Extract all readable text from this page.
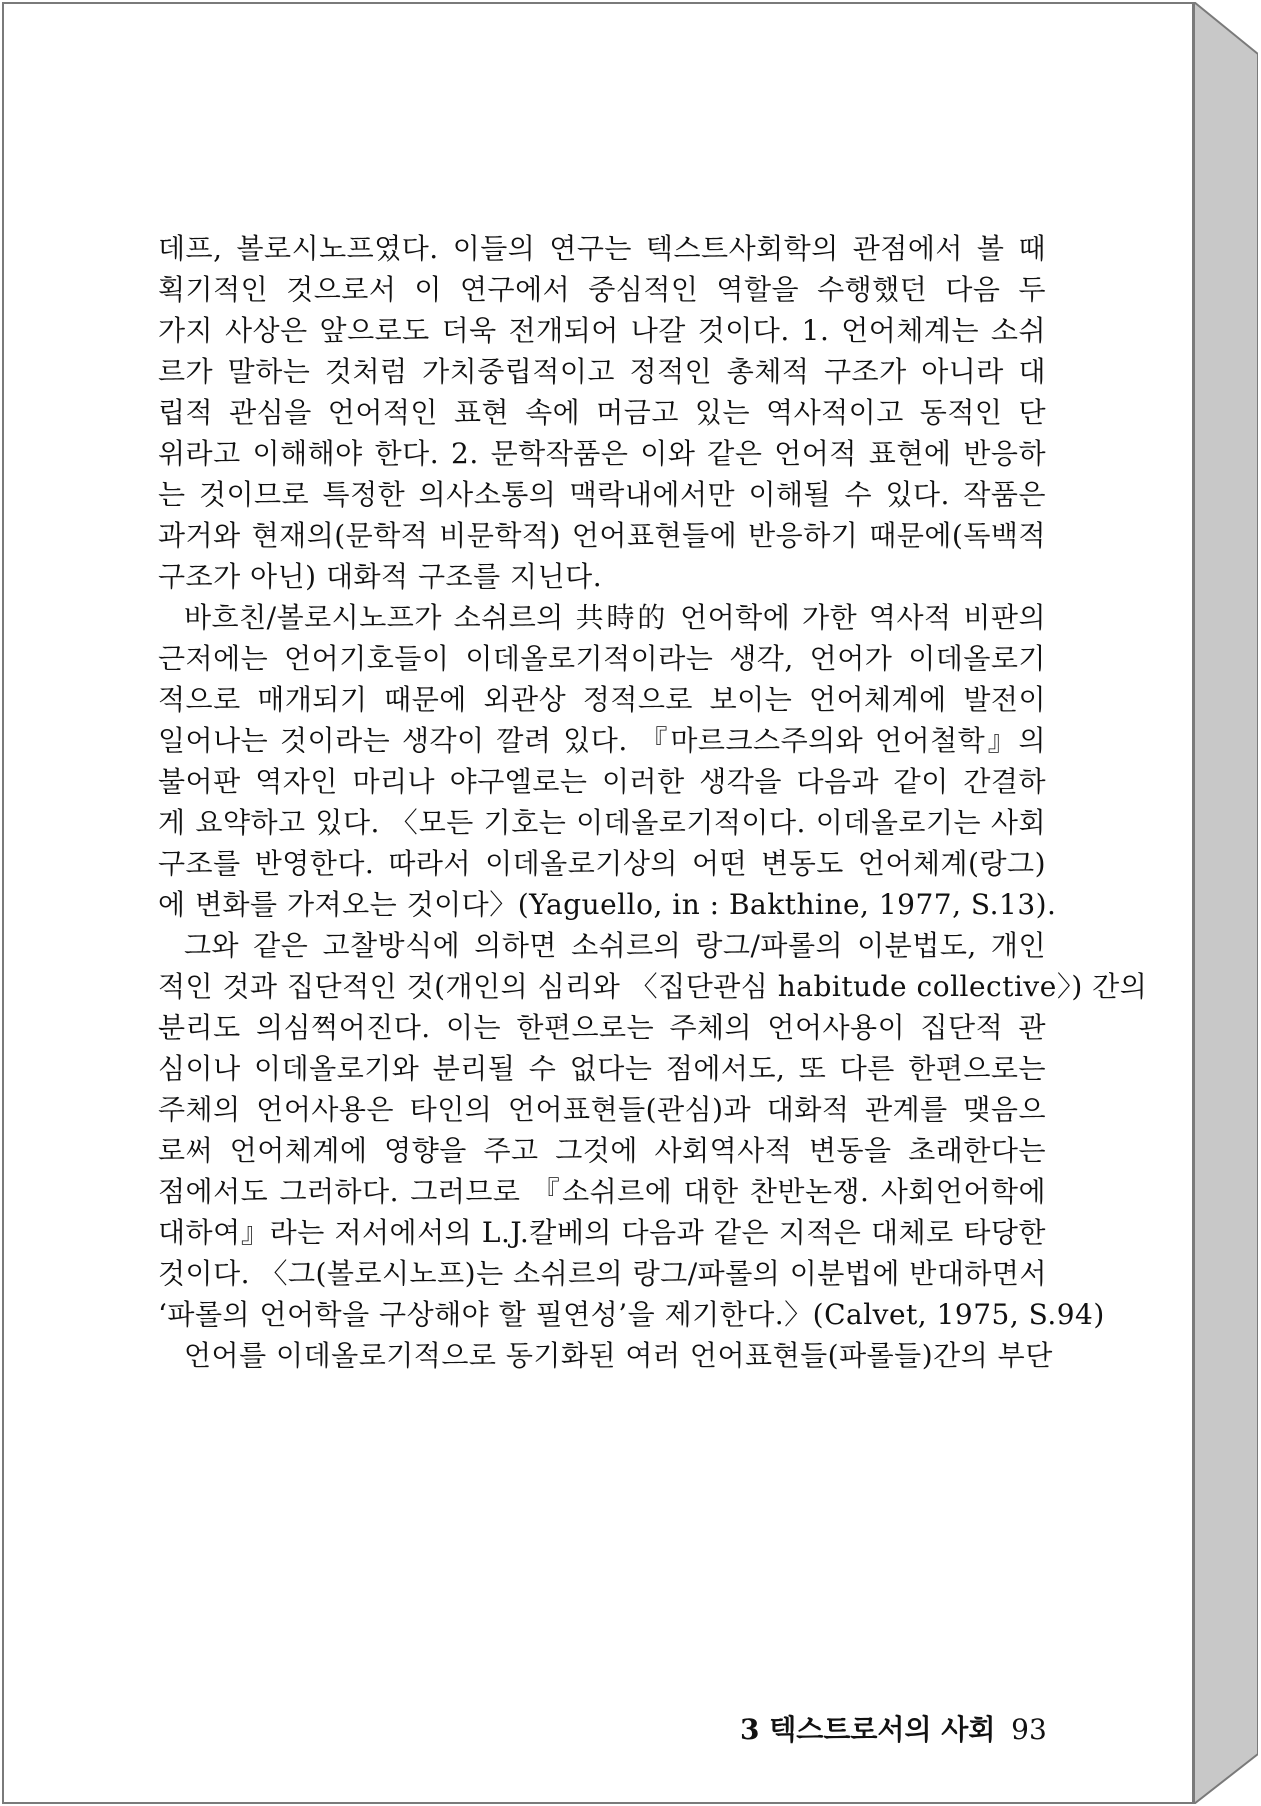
데프, 볼로시노프였다. 이들의 연구는 텍스트사회학의 관점에서 볼 때
획기적인 것으로서 이 연구에서 중심적인 역할을 수행했던 다음 두
가지 사상은 앞으로도 더욱 전개되어 나갈 것이다. 1. 언어체계는 소쉬
르가 말하는 것처럼 가치중립적이고 정적인 총체적 구조가 아니라 대
립적 관심을 언어적인 표현 속에 머금고 있는 역사적이고 동적인 단
위라고 이해해야 한다. 2. 문학작품은 이와 같은 언어적 표현에 반응하
는 것이므로 특정한 의사소통의 맥락내에서만 이해될 수 있다. 작품은
과거와 현재의(문학적 비문학적) 언어표현들에 반응하기 때문에(독백적
구조가 아닌) 대화적 구조를 지닌다.
바흐친/볼로시노프가 소쉬르의 共時的 언어학에 가한 역사적 비판의
근저에는 언어기호들이 이데올로기적이라는 생각, 언어가 이데올로기
적으로 매개되기 때문에 외관상 정적으로 보이는 언어체계에 발전이
일어나는 것이라는 생각이 깔려 있다. 『마르크스주의와 언어철학』의
불어판 역자인 마리나 야구엘로는 이러한 생각을 다음과 같이 간결하
게 요약하고 있다. 〈모든 기호는 이데올로기적이다. 이데올로기는 사회
구조를 반영한다. 따라서 이데올로기상의 어떤 변동도 언어체계(랑그)
에 변화를 가져오는 것이다〉(Yaguello, in : Bakthine, 1977, S.13).
그와 같은 고찰방식에 의하면 소쉬르의 랑그/파롤의 이분법도, 개인
적인 것과 집단적인 것(개인의 심리와 〈집단관심 habitude collective〉) 간의
분리도 의심쩍어진다. 이는 한편으로는 주체의 언어사용이 집단적 관
심이나 이데올로기와 분리될 수 없다는 점에서도, 또 다른 한편으로는
주체의 언어사용은 타인의 언어표현들(관심)과 대화적 관계를 맺음으
로써 언어체계에 영향을 주고 그것에 사회역사적 변동을 초래한다는
점에서도 그러하다. 그러므로 『소쉬르에 대한 찬반논쟁. 사회언어학에
대하여』라는 저서에서의 L.J.칼베의 다음과 같은 지적은 대체로 타당한
것이다. 〈그(볼로시노프)는 소쉬르의 랑그/파롤의 이분법에 반대하면서
‘파롤의 언어학을 구상해야 할 필연성’을 제기한다.〉(Calvet, 1975, S.94)
언어를 이데올로기적으로 동기화된 여러 언어표현들(파롤들)간의 부단
3 텍스트로서의 사회 93
